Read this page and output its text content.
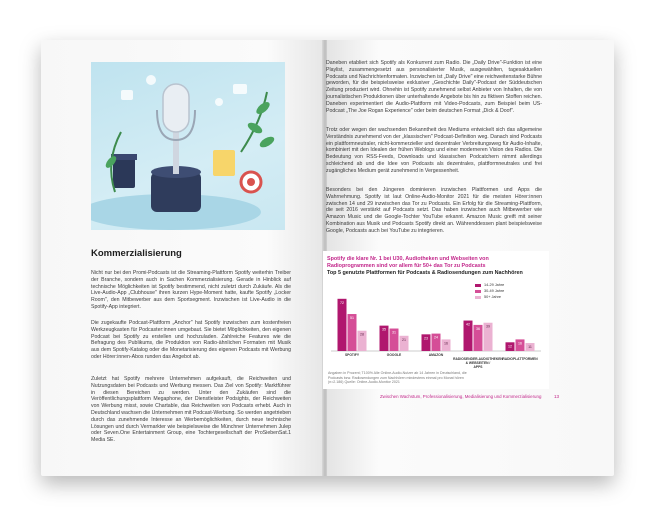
Kommerzialisierung

Nicht nur bei den Promi-Podcasts ist die Streaming-Plattform Spotify weiterhin Treiber der Branche, sondern auch in Sachen Kommerzialisierung. Gerade in Hinblick auf technische Möglichkeiten ist Spotify bestimmend, nicht zuletzt durch Zukäufe. Als die Live-Audio-App „Clubhouse" ihren kurzen Hype-Moment hatte, kaufte Spotify „Locker Room", den Mitbewerber aus dem Sportsegment. Inzwischen ist Live-Audio in die Spotify-App integriert.

Die zugekaufte Podcast-Plattform „Anchor" hat Spotify inzwischen zum kostenfreien Werkzeugkasten für Podcaster:innen umgebaut. Sie bietet Möglichkeiten, den eigenen Podcast bei Spotify zu erstellen und hochzuladen. Zahlreiche Features wie die Befragung des Publikums, die Produktion von Radio-ähnlichen Formaten mit Musik aus dem Spotify-Katalog oder die Monetarisierung des eigenen Podcasts mit Werbung oder Hörer:innen-Abos runden das Angebot ab.

Zuletzt hat Spotify mehrere Unternehmen aufgekauft, die Reichweiten und Nutzungsdaten bei Podcasts und Werbung messen. Das Ziel von Spotify: Marktführer in diesen Bereichen zu werden. Unter den Zukäufen sind die Veröffentlichungsplattform Megaphone, der Dienstleister Podsights, der Reichweiten von Werbung misst, sowie Chartable, das Reichweiten von Podcasts erhebt. Auch in Deutschland wachsen die Unternehmen mit Podcast-Werbung. So werden angetrieben durch das zunehmende Interesse an Werbemöglichkeiten, durch neue technische Lösungen und durch Vermarkter wie beispielsweise die Münchner Unternehmen Julep oder Seven.One Entertainment Group, eine Tochtergesellschaft der ProSiebenSat.1 Media SE.

Daneben etabliert sich Spotify als Konkurrent zum Radio. Die „Daily Drive"-Funktion ist eine Playlist, zusammengesetzt aus personalisierter Musik, ausgewählten, tagesaktuellen Podcasts und Nachrichtenformaten. Inzwischen ist „Daily Drive" eine reichweitenstarke Bühne geworden, für die beispielsweise exklusiver „Geschichte Daily"-Podcast der Süddeutschen Zeitung produziert wird. Ohnehin ist Spotify zunehmend selbst Anbieter von Inhalten, die von journalistischen Produktionen über unterhaltende Angebote bis hin zu fiktiven Stoffen reichen. Daneben experimentiert die Audio-Plattform mit Video-Podcasts, zum Beispiel beim US-Podcast „The Joe Rogan Experience" oder beim deutschen Format „Dick & Doof".

Trotz oder wegen der wachsenden Bekanntheit des Mediums entwickelt sich das allgemeine Verständnis zunehmend von der „klassischen" Podcast-Definition weg. Danach sind Podcasts ein plattformneutraler, nicht-kommerzieller und dezentraler Verbreitungsweg für Audio-Inhalte, kombiniert mit den Idealen der frühen Weblogs und einer moderneren Vision des Radios. Die Bedeutung von RSS-Feeds, Downloads und klassischen Podcatchern nimmt allerdings schleichend ab und die Idee von Podcasts als dezentrales, plattformneutrales und frei zugängliches Medium gerät zunehmend in Vergessenheit.

Besonders bei den Jüngeren dominieren inzwischen Plattformen und Apps die Wahrnehmung. Spotify ist laut Online-Audio-Monitor 2021 für die meisten Hörer:innen zwischen 14 und 29 inzwischen das Tor zu Podcasts. Ein Erfolg für die Streaming-Plattform, die seit 2016 verstärkt auf Podcasts setzt. Das haben inzwischen auch Mitbewerber wie Amazon Music und die Google-Tochter YouTube erkannt. Amazon Music greift mit seiner Kombination aus Musik und Podcasts Spotify direkt an. Währenddessen plant beispielsweise Google, Podcasts auch bei YouTube zu integrieren.

Spotify die klare Nr. 1 bei U30, Audiotheken und Webseiten von Radioprogrammen sind vor allem für 50+ das Tor zu Podcasts

Top 5 genutzte Plattformen für Podcasts & Radiosendungen zum Nachhören

14-29 Jahre
30-49 Jahre
50+ Jahre
72
51
28
SPOTIFY
35
31
21
GOOGLE
23 24
16
AMAZON
42
36
39
RADIOSENDER-AUDIOTHEKEN & WEBSEITEN / APPS
12
16
11
RADIOPLATTFORMEN

Angaben in Prozent; T100% Alle Online-Audio-Nutzer ab 14 Jahren in Deutschland, die Podcasts bzw. Radiosendungen zum Nachhören mindestens einmal pro Monat hören (n=2.186) Quelle: Online-Audio-Monitor 2021

Zwischen Wachstum, Professionalisierung, Medialisierung und Kommerzialisierung	13
